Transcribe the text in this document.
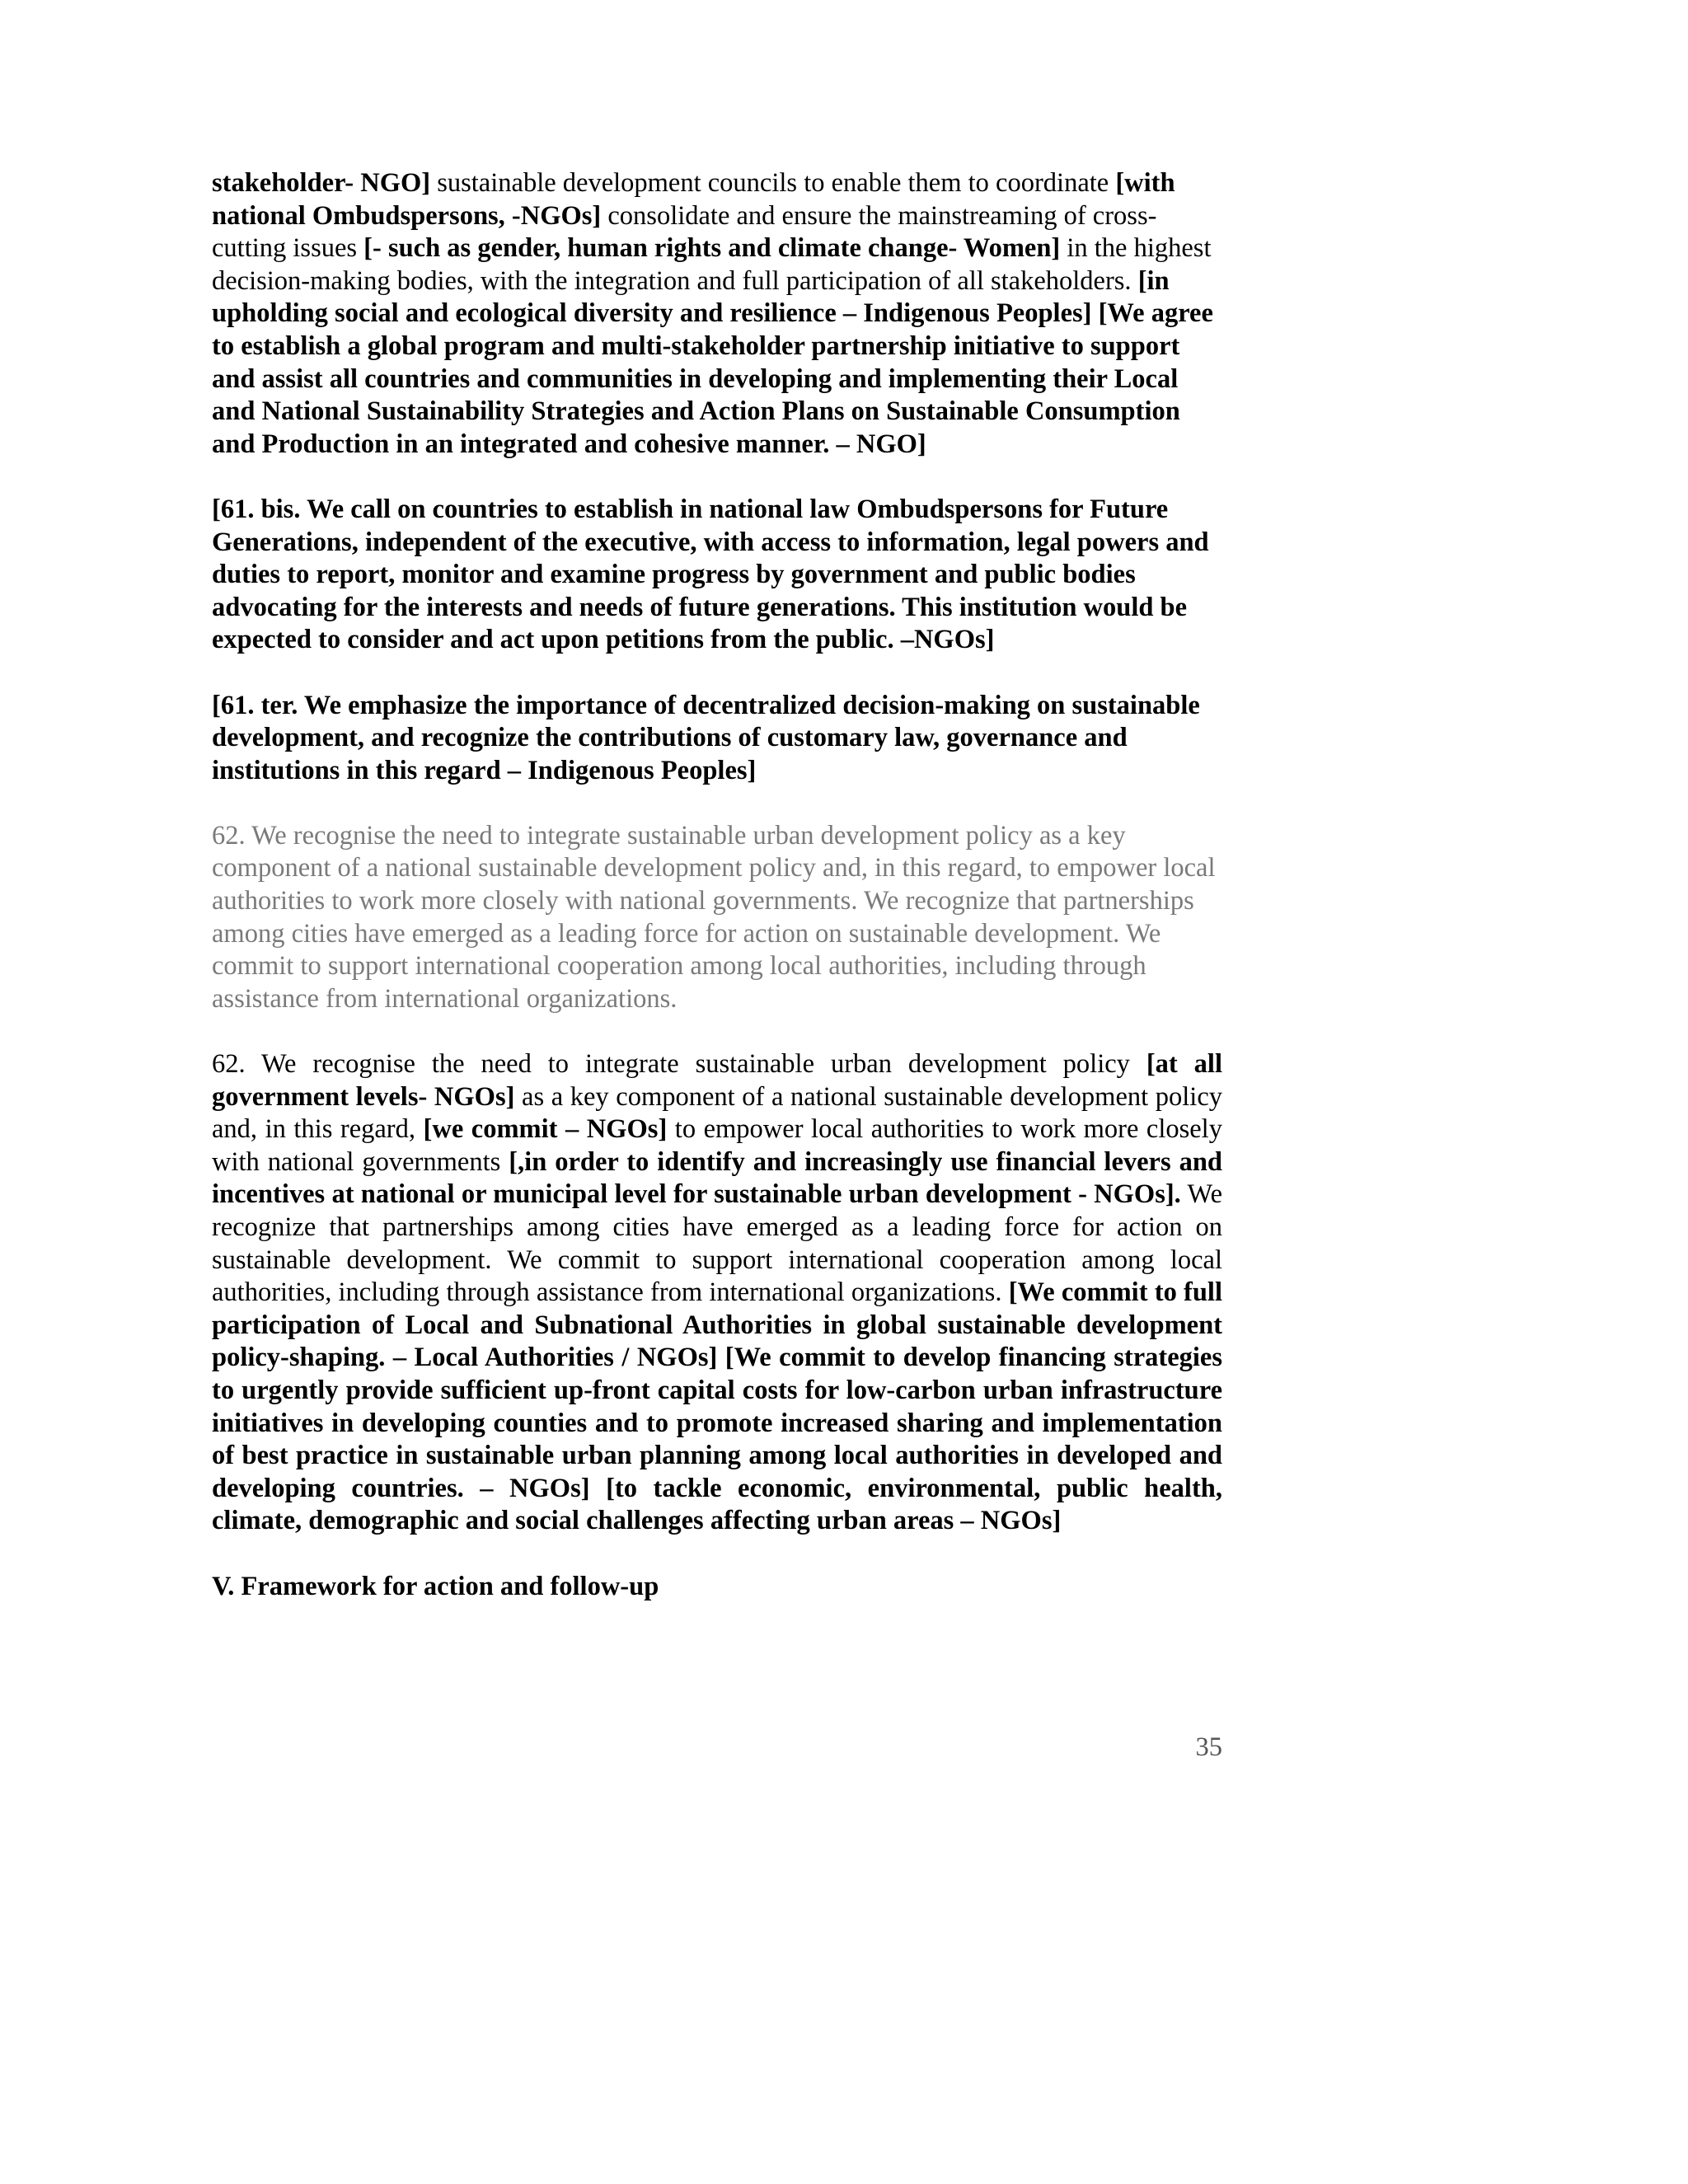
stakeholder- NGO] sustainable development councils to enable them to coordinate [with national Ombudspersons, -NGOs] consolidate and ensure the mainstreaming of cross-cutting issues [- such as gender, human rights and climate change- Women] in the highest decision-making bodies, with the integration and full participation of all stakeholders. [in upholding social and ecological diversity and resilience – Indigenous Peoples] [We agree to establish a global program and multi-stakeholder partnership initiative to support and assist all countries and communities in developing and implementing their Local and National Sustainability Strategies and Action Plans on Sustainable Consumption and Production in an integrated and cohesive manner. – NGO]

[61. bis. We call on countries to establish in national law Ombudspersons for Future Generations, independent of the executive, with access to information, legal powers and duties to report, monitor and examine progress by government and public bodies advocating for the interests and needs of future generations. This institution would be expected to consider and act upon petitions from the public. –NGOs]

[61. ter. We emphasize the importance of decentralized decision-making on sustainable development, and recognize the contributions of customary law, governance and institutions in this regard – Indigenous Peoples]

62. We recognise the need to integrate sustainable urban development policy as a key component of a national sustainable development policy and, in this regard, to empower local authorities to work more closely with national governments. We recognize that partnerships among cities have emerged as a leading force for action on sustainable development. We commit to support international cooperation among local authorities, including through assistance from international organizations.

62. We recognise the need to integrate sustainable urban development policy [at all government levels- NGOs] as a key component of a national sustainable development policy and, in this regard, [we commit – NGOs] to empower local authorities to work more closely with national governments [,in order to identify and increasingly use financial levers and incentives at national or municipal level for sustainable urban development - NGOs]. We recognize that partnerships among cities have emerged as a leading force for action on sustainable development. We commit to support international cooperation among local authorities, including through assistance from international organizations. [We commit to full participation of Local and Subnational Authorities in global sustainable development policy-shaping. – Local Authorities / NGOs] [We commit to develop financing strategies to urgently provide sufficient up-front capital costs for low-carbon urban infrastructure initiatives in developing counties and to promote increased sharing and implementation of best practice in sustainable urban planning among local authorities in developed and developing countries. – NGOs] [to tackle economic, environmental, public health, climate, demographic and social challenges affecting urban areas – NGOs]

V. Framework for action and follow-up

35
